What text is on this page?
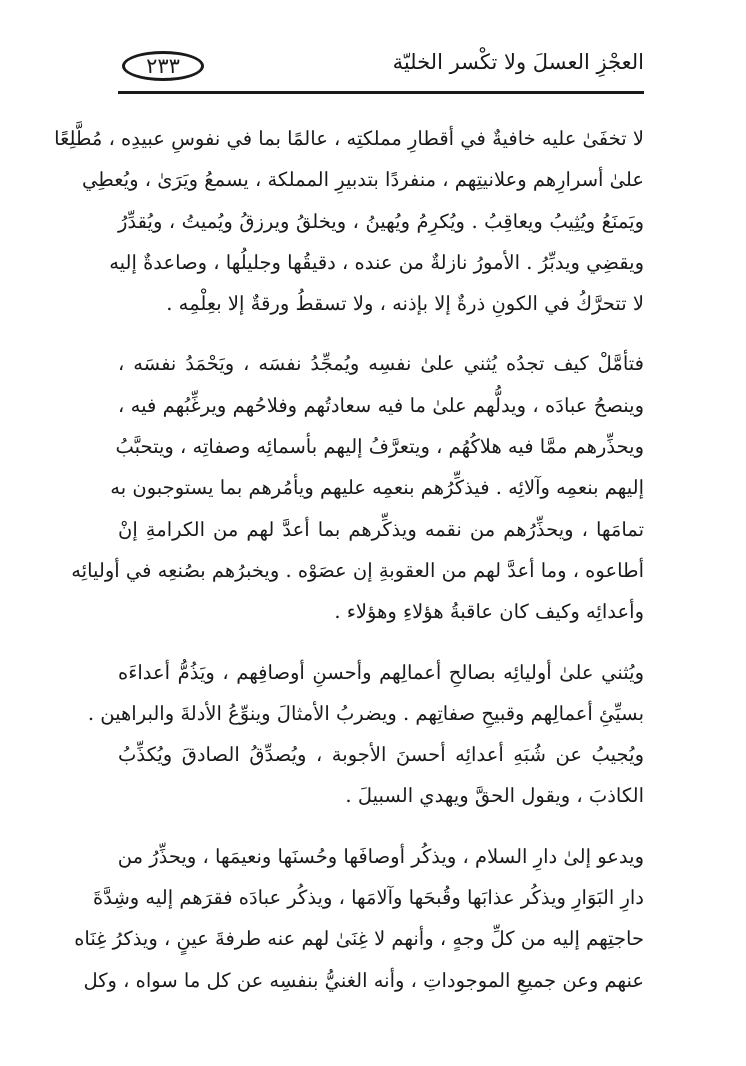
العجْزِ العسلَ ولا تكْسر الخليّة
٢٣٣
لا تخفَىٰ عليه خافيةٌ في أقطارِ مملكتِه ، عالمًا بما في نفوسِ عبيدِه ، مُطَّلِعًا
علىٰ أسرارِهم وعلانيتِهم ، منفردًا بتدبيرِ المملكة ، يسمعُ ويَرَىٰ ، ويُعطِي
ويَمنَعُ ويُثِيبُ ويعاقِبُ . ويُكرِمُ ويُهينُ ، ويخلقُ ويرزقُ ويُميتُ ، ويُقدِّرُ
ويقضِي ويدبِّرُ . الأمورُ نازلةٌ من عنده ، دقيقُها وجليلُها ، وصاعدةٌ إليه
لا تتحرَّكُ في الكونِ ذرةٌ إلا بإذنه ، ولا تسقطُ ورقةٌ إلا بعِلْمِه .
فتأمَّلْ كيف تجدُه يُثني علىٰ نفسِه ويُمجِّدُ نفسَه ، ويَحْمَدُ نفسَه ،
وينصحُ عبادَه ، ويدلُّهم علىٰ ما فيه سعادتُهم وفلاحُهم ويرغِّبُهم فيه ،
ويحذِّرهم ممَّا فيه هلاكُهُم ، ويتعرَّفُ إليهم بأسمائِه وصفاتِه ، ويتحبَّبُ
إليهم بنعمِه وآلائِه . فيذكِّرُهم بنعمِه عليهم ويأمُرهم بما يستوجبون به
تمامَها ، ويحذِّرُهم من نقمه ويذكِّرهم بما أعدَّ لهم من الكرامةِ إنْ
أطاعوه ، وما أعدَّ لهم من العقوبةِ إن عصَوْه . ويخبرُهم بصُنعِه في أوليائِه
وأعدائِه وكيف كان عاقبةُ هؤلاءِ وهؤلاء .
ويُثني علىٰ أوليائِه بصالحِ أعمالِهم وأحسنِ أوصافِهم ، ويَذُمُّ أعداءَه
بسيِّئِ أعمالِهم وقبيحِ صفاتِهم . ويضربُ الأمثالَ وينوِّعُ الأدلةَ والبراهين .
ويُجيبُ عن شُبَهِ أعدائِه أحسنَ الأجوبة ، ويُصدِّقُ الصادقَ ويُكذِّبُ
الكاذبَ ، ويقول الحقَّ ويهدي السبيلَ .
ويدعو إلىٰ دارِ السلام ، ويذكُر أوصافَها وحُسنَها ونعيمَها ، ويحذِّرُ من
دارِ البَوَارِ ويذكُر عذابَها وقُبحَها وآلامَها ، ويذكُر عبادَه فقرَهم إليه وشِدَّةَ
حاجتِهم إليه من كلِّ وجهٍ ، وأنهم لا غِنَىٰ لهم عنه طرفةَ عينٍ ، ويذكرُ غِنَاه
عنهم وعن جميعِ الموجوداتِ ، وأنه الغنيُّ بنفسِه عن كل ما سواه ، وكل
